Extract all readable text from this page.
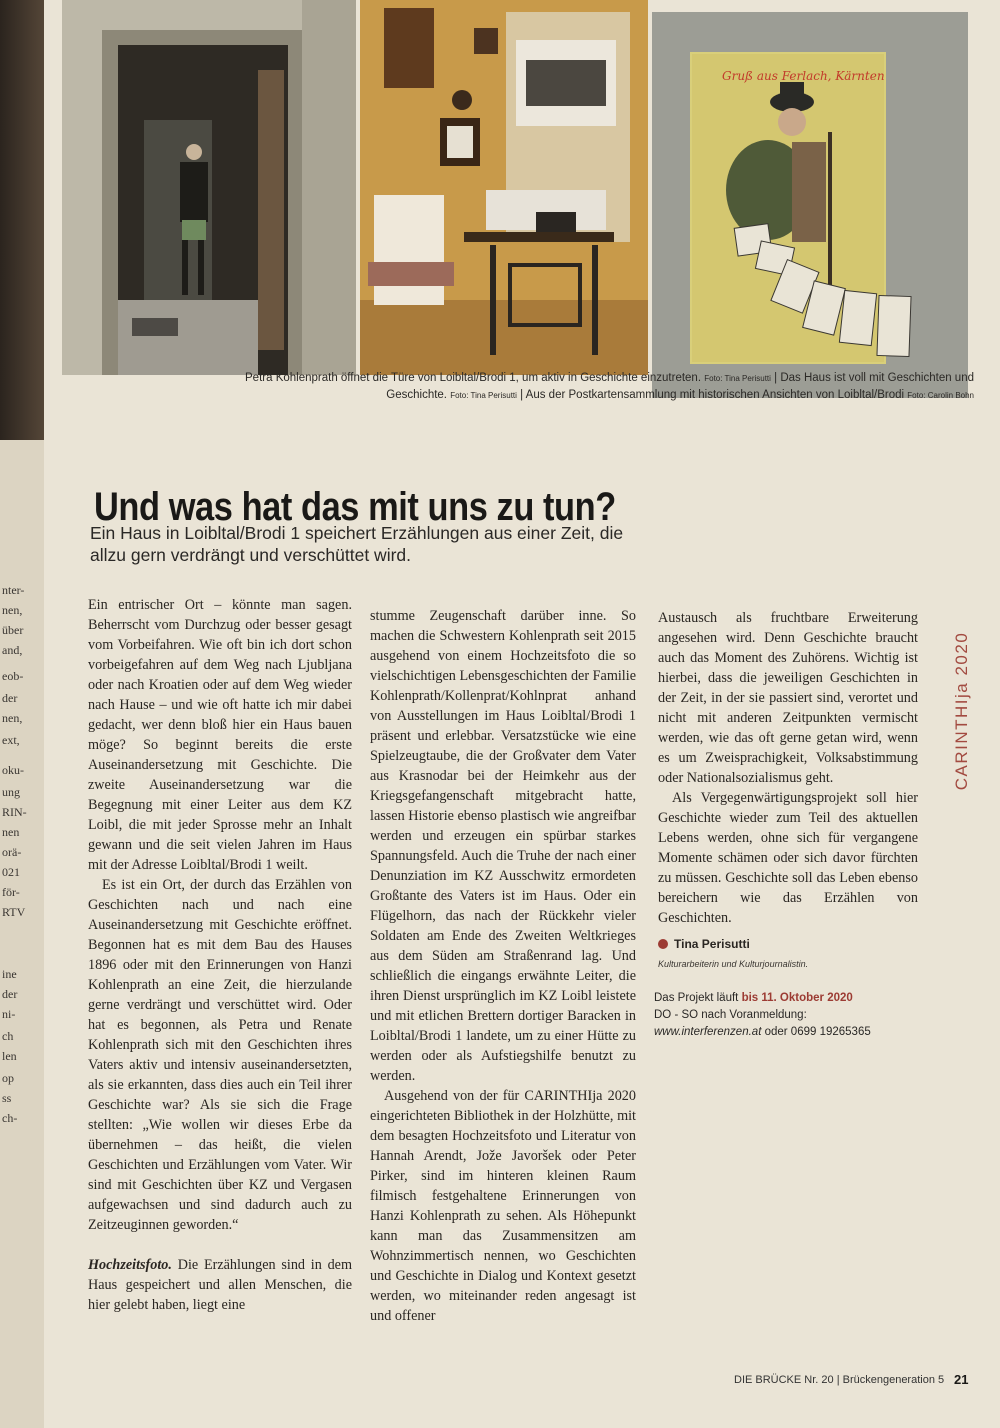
nter-
nen,
über
and,
eob-
der
nen,
ext,
oku-
ung
RIN-
nen
orä-
021
för-
RTV
ine
der
ni-
ch
len
op
ss
ch-
Gruß aus Ferlach, Kärnten
Petra Kohlenprath öffnet die Türe von Loibltal/Brodi 1, um aktiv in Geschichte einzutreten. Foto: Tina Perisutti | Das Haus ist voll mit Geschichten und Geschichte. Foto: Tina Perisutti | Aus der Postkartensammlung mit historischen Ansichten von Loibltal/Brodi Foto: Carolin Bohn
Und was hat das mit uns zu tun?
Ein Haus in Loibltal/Brodi 1 speichert Erzählungen aus einer Zeit, die allzu gern verdrängt und verschüttet wird.

Ein entrischer Ort – könnte man sagen. Beherrscht vom Durchzug oder besser gesagt vom Vorbeifahren. Wie oft bin ich dort schon vorbeigefahren auf dem Weg nach Ljubljana oder nach Kroatien oder auf dem Weg wieder nach Hause – und wie oft hatte ich mir dabei gedacht, wer denn bloß hier ein Haus bauen möge? So beginnt bereits die erste Auseinandersetzung mit Geschichte. Die zweite Auseinandersetzung war die Begegnung mit einer Leiter aus dem KZ Loibl, die mit jeder Sprosse mehr an Inhalt gewann und die seit vielen Jahren im Haus mit der Adresse Loibltal/Brodi 1 weilt.

Es ist ein Ort, der durch das Erzählen von Geschichten nach und nach eine Auseinandersetzung mit Geschichte eröffnet. Begonnen hat es mit dem Bau des Hauses 1896 oder mit den Erinnerungen von Hanzi Kohlenprath an eine Zeit, die hierzulande gerne verdrängt und verschüttet wird. Oder hat es begonnen, als Petra und Renate Kohlenprath sich mit den Geschichten ihres Vaters aktiv und intensiv auseinandersetzten, als sie erkannten, dass dies auch ein Teil ihrer Geschichte war? Als sie sich die Frage stellten: „Wie wollen wir dieses Erbe da übernehmen – das heißt, die vielen Geschichten und Erzählungen vom Vater. Wir sind mit Geschichten über KZ und Vergasen aufgewachsen und sind dadurch auch zu Zeitzeuginnen geworden.“

Hochzeitsfoto. Die Erzählungen sind in dem Haus gespeichert und allen Menschen, die hier gelebt haben, liegt eine

stumme Zeugenschaft darüber inne. So machen die Schwestern Kohlenprath seit 2015 ausgehend von einem Hochzeitsfoto die so vielschichtigen Lebensgeschichten der Familie Kohlenprath/Kollenprat/Kohlnprat anhand von Ausstellungen im Haus Loibltal/Brodi 1 präsent und erlebbar. Versatzstücke wie eine Spielzeugtaube, die der Großvater dem Vater aus Krasnodar bei der Heimkehr aus der Kriegsgefangenschaft mitgebracht hatte, lassen Historie ebenso plastisch wie angreifbar werden und erzeugen ein spürbar starkes Spannungsfeld. Auch die Truhe der nach einer Denunziation im KZ Ausschwitz ermordeten Großtante des Vaters ist im Haus. Oder ein Flügelhorn, das nach der Rückkehr vieler Soldaten am Ende des Zweiten Weltkrieges aus dem Süden am Straßenrand lag. Und schließlich die eingangs erwähnte Leiter, die ihren Dienst ursprünglich im KZ Loibl leistete und mit etlichen Brettern dortiger Baracken in Loibltal/Brodi 1 landete, um zu einer Hütte zu werden oder als Aufstiegshilfe benutzt zu werden.

Ausgehend von der für CARINTHIja 2020 eingerichteten Bibliothek in der Holzhütte, mit dem besagten Hochzeitsfoto und Literatur von Hannah Arendt, Jože Javoršek oder Peter Pirker, sind im hinteren kleinen Raum filmisch festgehaltene Erinnerungen von Hanzi Kohlenprath zu sehen. Als Höhepunkt kann man das Zusammensitzen am Wohnzimmertisch nennen, wo Geschichten und Geschichte in Dialog und Kontext gesetzt werden, wo miteinander reden angesagt ist und offener

Austausch als fruchtbare Erweiterung angesehen wird. Denn Geschichte braucht auch das Moment des Zuhörens. Wichtig ist hierbei, dass die jeweiligen Geschichten in der Zeit, in der sie passiert sind, verortet und nicht mit anderen Zeitpunkten vermischt werden, wie das oft gerne getan wird, wenn es um Zweisprachigkeit, Volksabstimmung oder Nationalsozialismus geht.

Als Vergegenwärtigungsprojekt soll hier Geschichte wieder zum Teil des aktuellen Lebens werden, ohne sich für vergangene Momente schämen oder sich davor fürchten zu müssen. Geschichte soll das Leben ebenso bereichern wie das Erzählen von Geschichten.

Tina Perisutti

Kulturarbeiterin und Kulturjournalistin.

Das Projekt läuft bis 11. Oktober 2020
DO - SO nach Voranmeldung:
www.interferenzen.at oder 0699 19265365
CARINTHIja 2020
DIE BRÜCKE Nr. 20 | Brückengeneration 5 21
